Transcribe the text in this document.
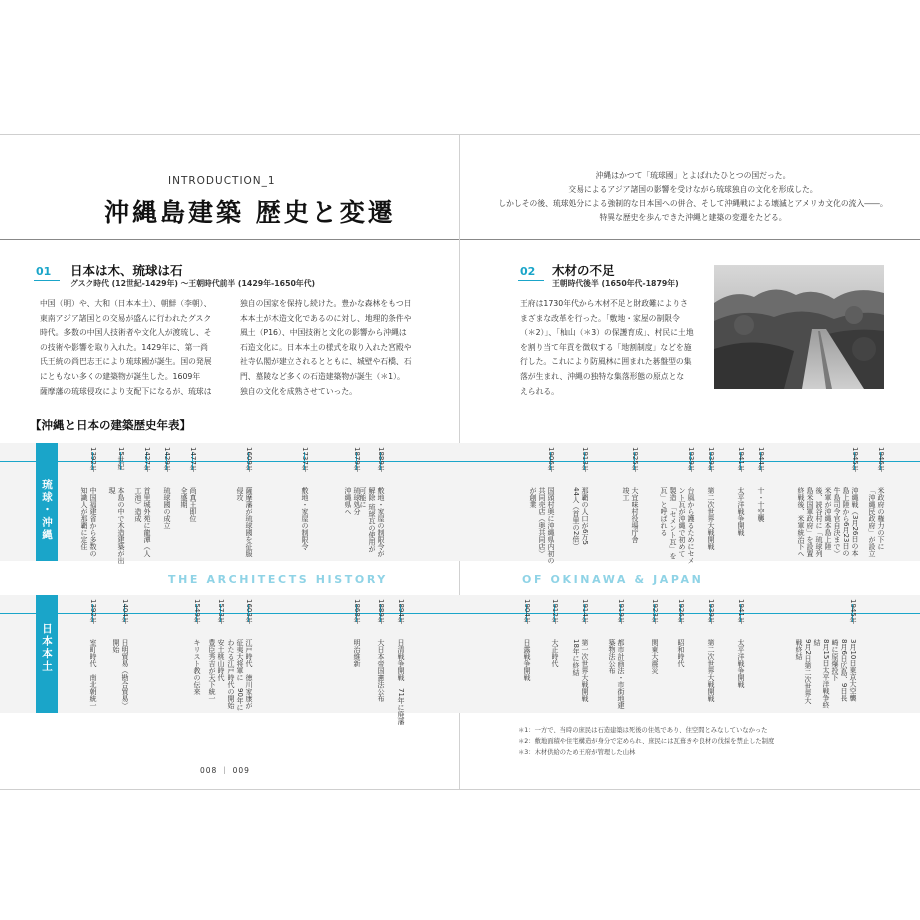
INTRODUCTION_1
沖縄島建築 歴史と変遷
沖縄はかつて「琉球國」とよばれたひとつの国だった。
交易によるアジア諸国の影響を受けながら琉球独自の文化を形成した。
しかしその後、琉球処分による強制的な日本国への併合、そして沖縄戦による壊滅とアメリカ文化の流入――。
特異な歴史を歩んできた沖縄と建築の変遷をたどる。
01 日本は木、琉球は石
グスク時代 (12世紀-1429年) ～王朝時代前半 (1429年-1650年代)
中国（明）や、大和（日本本土）、朝鮮（李朝）、
東南アジア諸国との交易が盛んに行われたグスク
時代。多数の中国人技術者や文化人が渡琉し、そ
の技術や影響を取り入れた。1429年に、第一尚
氏王統の尚巴志王により琉球國が誕生。国の発展
にともない多くの建築物が誕生した。1609年
薩摩藩の琉球侵攻により支配下になるが、琉球は
独自の国家を保持し続けた。豊かな森林をもつ日
本本土が木造文化であるのに対し、地理的条件や
風土（P16）、中国技術と文化の影響から沖縄は
石造文化に。日本本土の様式を取り入れた宮殿や
社寺仏閣が建立されるとともに、城壁や石橋、石
門、墓陵など多くの石造建築物が誕生（＊1）。
独自の文化を成熟させていった。
02 木材の不足
王朝時代後半 (1650年代-1879年)
王府は1730年代から木材不足と財政難によりさ
まざまな改革を行った。「敷地・家屋の制限令
（＊2）」、「杣山（＊3）の保護育成」、村民に土地
を割り当て年貢を徴収する「地割制度」などを施
行した。これにより防風林に囲まれた碁盤型の集
落が生まれ、沖縄の独特な集落形態の原点とな
えられる。
【沖縄と日本の建築歴史年表】
琉球・沖縄
THE ARCHITECTS HISTORY	OF OKINAWA & JAPAN
日本本土
1392年
中国福建省から多数の
知識人が那覇に定住
15世紀
本島の中で木造建築が出
現
1427年
首里城外苑に龍潭（人
工池）造成
1429年
琉球國の成立
1477年
尚真王即位
全盛期
1609年
薩摩藩が琉球國を征服
侵攻
1737年
敷地・家屋の制限令
1879年
琉球処分
沖縄県へ
1889年
敷地・家屋の制限令が
解除 琉球瓦の使用が
可能に
1906年
国頭村奥に沖縄県内初の
共同売店（奥共同店）
が創業
1913年
那覇の人口が6万5
44人（首里の2倍）
1925年
大宜味村役場庁舎
竣工
1939年
台風から護るためにセメ
ント瓦が沖縄で初めて
製造 「セメント瓦」を
瓦」と呼ばれる
1939年
第二次世界大戦開戦
1941年
太平洋戦争開戦
1944年
十・十空襲
1945年
沖縄戦（3月26日の本
島上陸から6月23日の
牛島司令官自決まで）
米軍が沖縄本島上陸
後、読谷村に「琉球列
島米国軍政府」を設置
終戦後、米軍統治下へ
1946年
米政府の権力の下に
「沖縄民政府」が設立
1392年
室町時代　南北朝統一
1404年
日明貿易（勘合貿易）
開始
1549年
キリスト教の伝来
1573年
安土桃山時代
豊臣秀吉が天下統一
1603年
江戸時代　徳川家康が
征夷大将軍に　90年に
わたる江戸時代の開始
1868年
明治維新
1889年
大日本帝国憲法公布
1894年
日清戦争開戦　71年に廃藩
1904年
日露戦争開戦
1912年
大正時代
1914年
第一次世界大戦開戦
18年に終結
1919年
都市計画法・市街地建
築物法公布
1923年
関東大震災
1926年
昭和時代
1939年
第二次世界大戦開戦
1941年
太平洋戦争開戦
1945年
3月10日東京大空襲
8月6日広島、9日長
崎に原爆投下
8月15日太平洋戦争終
結
9月2日第二次世界大
戦終結
＊1：一方で、当時の庶民は石造建築は死後の住処であり、住空間とみなしていなかった
＊2：敷地面積や住宅構造が身分で定められ、庶民には瓦葺きや良材の伐採を禁止した制度
＊3：木材供給のため王府が管理した山林
008 ｜ 009
